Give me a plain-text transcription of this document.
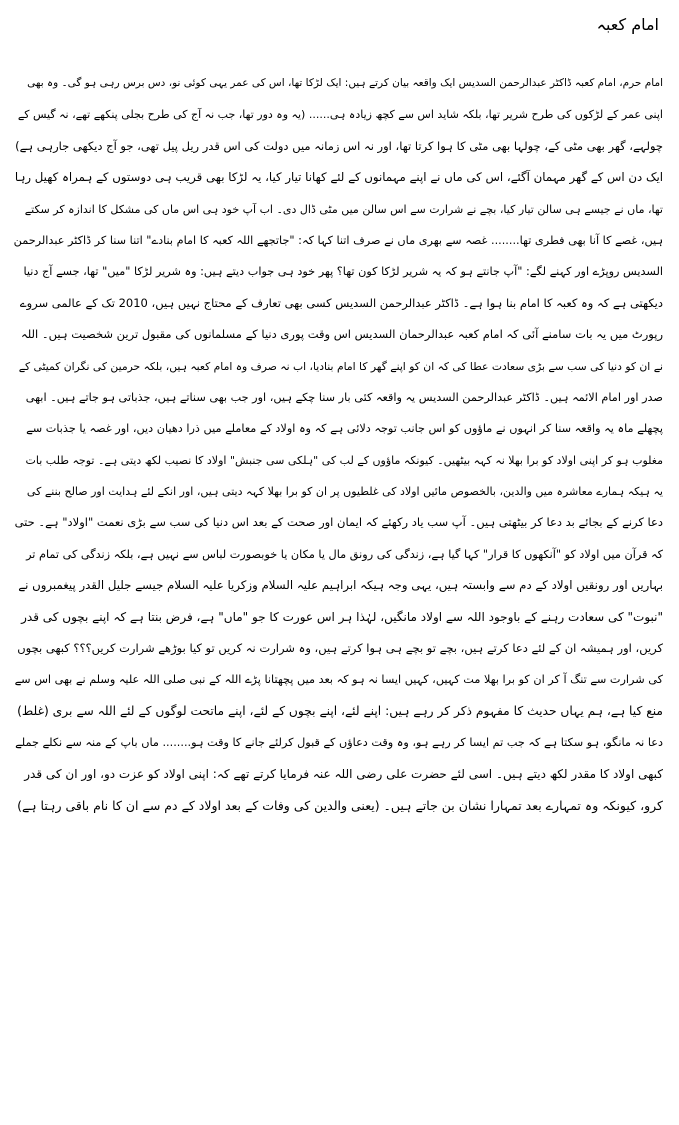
امام کعبہ
امام حرم، امام کعبہ ڈاکٹر عبدالرحمن السدیس ایک واقعہ بیان کرتے ہیں: ایک لڑکا تھا، اس کی عمر یہی کوئی نو، دس برس رہی ہو گی۔ وہ بھی
اپنی عمر کے لڑکوں کی طرح شریر تھا، بلکہ شاید اس سے کچھ زیادہ ہی...... (یہ وہ دور تھا، جب نہ آج کی طرح بجلی پنکھے تھے، نہ گیس کے
چولہے، گھر بھی مٹی کے، چولہا بھی مٹی کا ہوا کرتا تھا، اور نہ اس زمانہ میں دولت کی اس قدر ریل پیل تھی، جو آج دیکھی جارہی ہے)
ایک دن اس کے گھر مہمان آگئے، اس کی ماں نے اپنے مہمانوں کے لئے کھانا تیار کیا، یہ لڑکا بھی قریب ہی دوستوں کے ہمراہ کھیل رہا
تھا، ماں نے جیسے ہی سالن تیار کیا، بچے نے شرارت سے اس سالن میں مٹی ڈال دی۔ اب آپ خود ہی اس ماں کی مشکل کا اندازہ کر سکتے
ہیں، غصے کا آنا بھی فطری تھا........ غصہ سے بھری ماں نے صرف اتنا کہا کہ: "جاتجھے اللہ کعبہ کا امام بنادے" اتنا سنا کر ڈاکٹر عبدالرحمن
السدیس روپڑے اور کہنے لگے: "آپ جانتے ہو کہ یہ شریر لڑکا کون تھا؟ پھر خود ہی جواب دیتے ہیں: وہ شریر لڑکا "میں" تھا، جسے آج دنیا
دیکھتی ہے کہ وہ کعبہ کا امام بنا ہوا ہے۔ ڈاکٹر عبدالرحمن السدیس کسی بھی تعارف کے محتاج نہیں ہیں، 2010 تک کے عالمی سروے
رپورٹ میں یہ بات سامنے آئی کہ امام کعبہ عبدالرحمان السدیس اس وقت پوری دنیا کے مسلمانوں کی مقبول ترین شخصیت ہیں۔ اللہ
نے ان کو دنیا کی سب سے بڑی سعادت عطا کی کہ ان کو اپنے گھر کا امام بنادیا، اب نہ صرف وہ امام کعبہ ہیں، بلکہ حرمین کی نگران کمیٹی کے
صدر اور امام الائمہ ہیں۔ ڈاکٹر عبدالرحمن السدیس یہ واقعہ کئی بار سنا چکے ہیں، اور جب بھی سناتے ہیں، جذباتی ہو جاتے ہیں۔ ابھی
پچھلے ماہ یہ واقعہ سنا کر انہوں نے ماؤوں کو اس جانب توجہ دلائی ہے کہ وہ اولاد کے معاملے میں ذرا دھیان دیں، اور غصہ یا جذبات سے
مغلوب ہو کر اپنی اولاد کو برا بھلا نہ کہہ بیٹھیں۔ کیونکہ ماؤوں کے لب کی "ہلکی سی جنبش" اولاد کا نصیب لکھ دیتی ہے۔ توجہ طلب بات
یہ ہیکہ ہمارے معاشرہ میں والدین، بالخصوص مائیں اولاد کی غلطیوں پر ان کو برا بھلا کہہ دیتی ہیں، اور انکے لئے ہدایت اور صالح بننے کی
دعا کرنے کے بجائے بد دعا کر بیٹھتی ہیں۔ آپ سب یاد رکھئے کہ ایمان اور صحت کے بعد اس دنیا کی سب سے بڑی نعمت "اولاد" ہے۔ حتی
کہ قرآن میں اولاد کو "آنکھوں کا قرار" کہا گیا ہے، زندگی کی رونق مال یا مکان یا خوبصورت لباس سے نہیں ہے، بلکہ زندگی کی تمام تر
بہاریں اور رونقیں اولاد کے دم سے وابستہ ہیں، یہی وجہ ہیکہ ابراہیم علیہ السلام وزکریا علیہ السلام جیسے جلیل القدر پیغمبروں نے
"نبوت" کی سعادت رہنے کے باوجود اللہ سے اولاد مانگیں، لہٰذا ہر اس عورت کا جو "ماں" ہے، فرض بنتا ہے کہ اپنے بچوں کی قدر
کریں، اور ہمیشہ ان کے لئے دعا کرتے ہیں، بچے تو بچے ہی ہوا کرتے ہیں، وہ شرارت نہ کریں تو کیا بوڑھے شرارت کریں؟؟؟ کبھی بچوں
کی شرارت سے تنگ آ کر ان کو برا بھلا مت کہیں، کہیں ایسا نہ ہو کہ بعد میں پچھتانا پڑے اللہ کے نبی صلی اللہ علیہ وسلم نے بھی اس سے
منع کیا ہے، ہم یہاں حدیث کا مفہوم ذکر کر رہے ہیں: اپنے لئے، اپنے بچوں کے لئے، اپنے ماتحت لوگوں کے لئے اللہ سے بری (غلط)
دعا نہ مانگو، ہو سکتا ہے کہ جب تم ایسا کر رہے ہو، وہ وقت دعاؤں کے قبول کرلئے جانے کا وقت ہو........ ماں باپ کے منہ سے نکلے جملے
کبھی اولاد کا مقدر لکھ دیتے ہیں۔ اسی لئے حضرت علی رضی اللہ عنہ فرمایا کرتے تھے کہ: اپنی اولاد کو عزت دو، اور ان کی قدر
کرو، کیونکہ وہ تمہارے بعد تمہارا نشان بن جاتے ہیں۔ (یعنی والدین کی وفات کے بعد اولاد کے دم سے ان کا نام باقی رہتا ہے)
